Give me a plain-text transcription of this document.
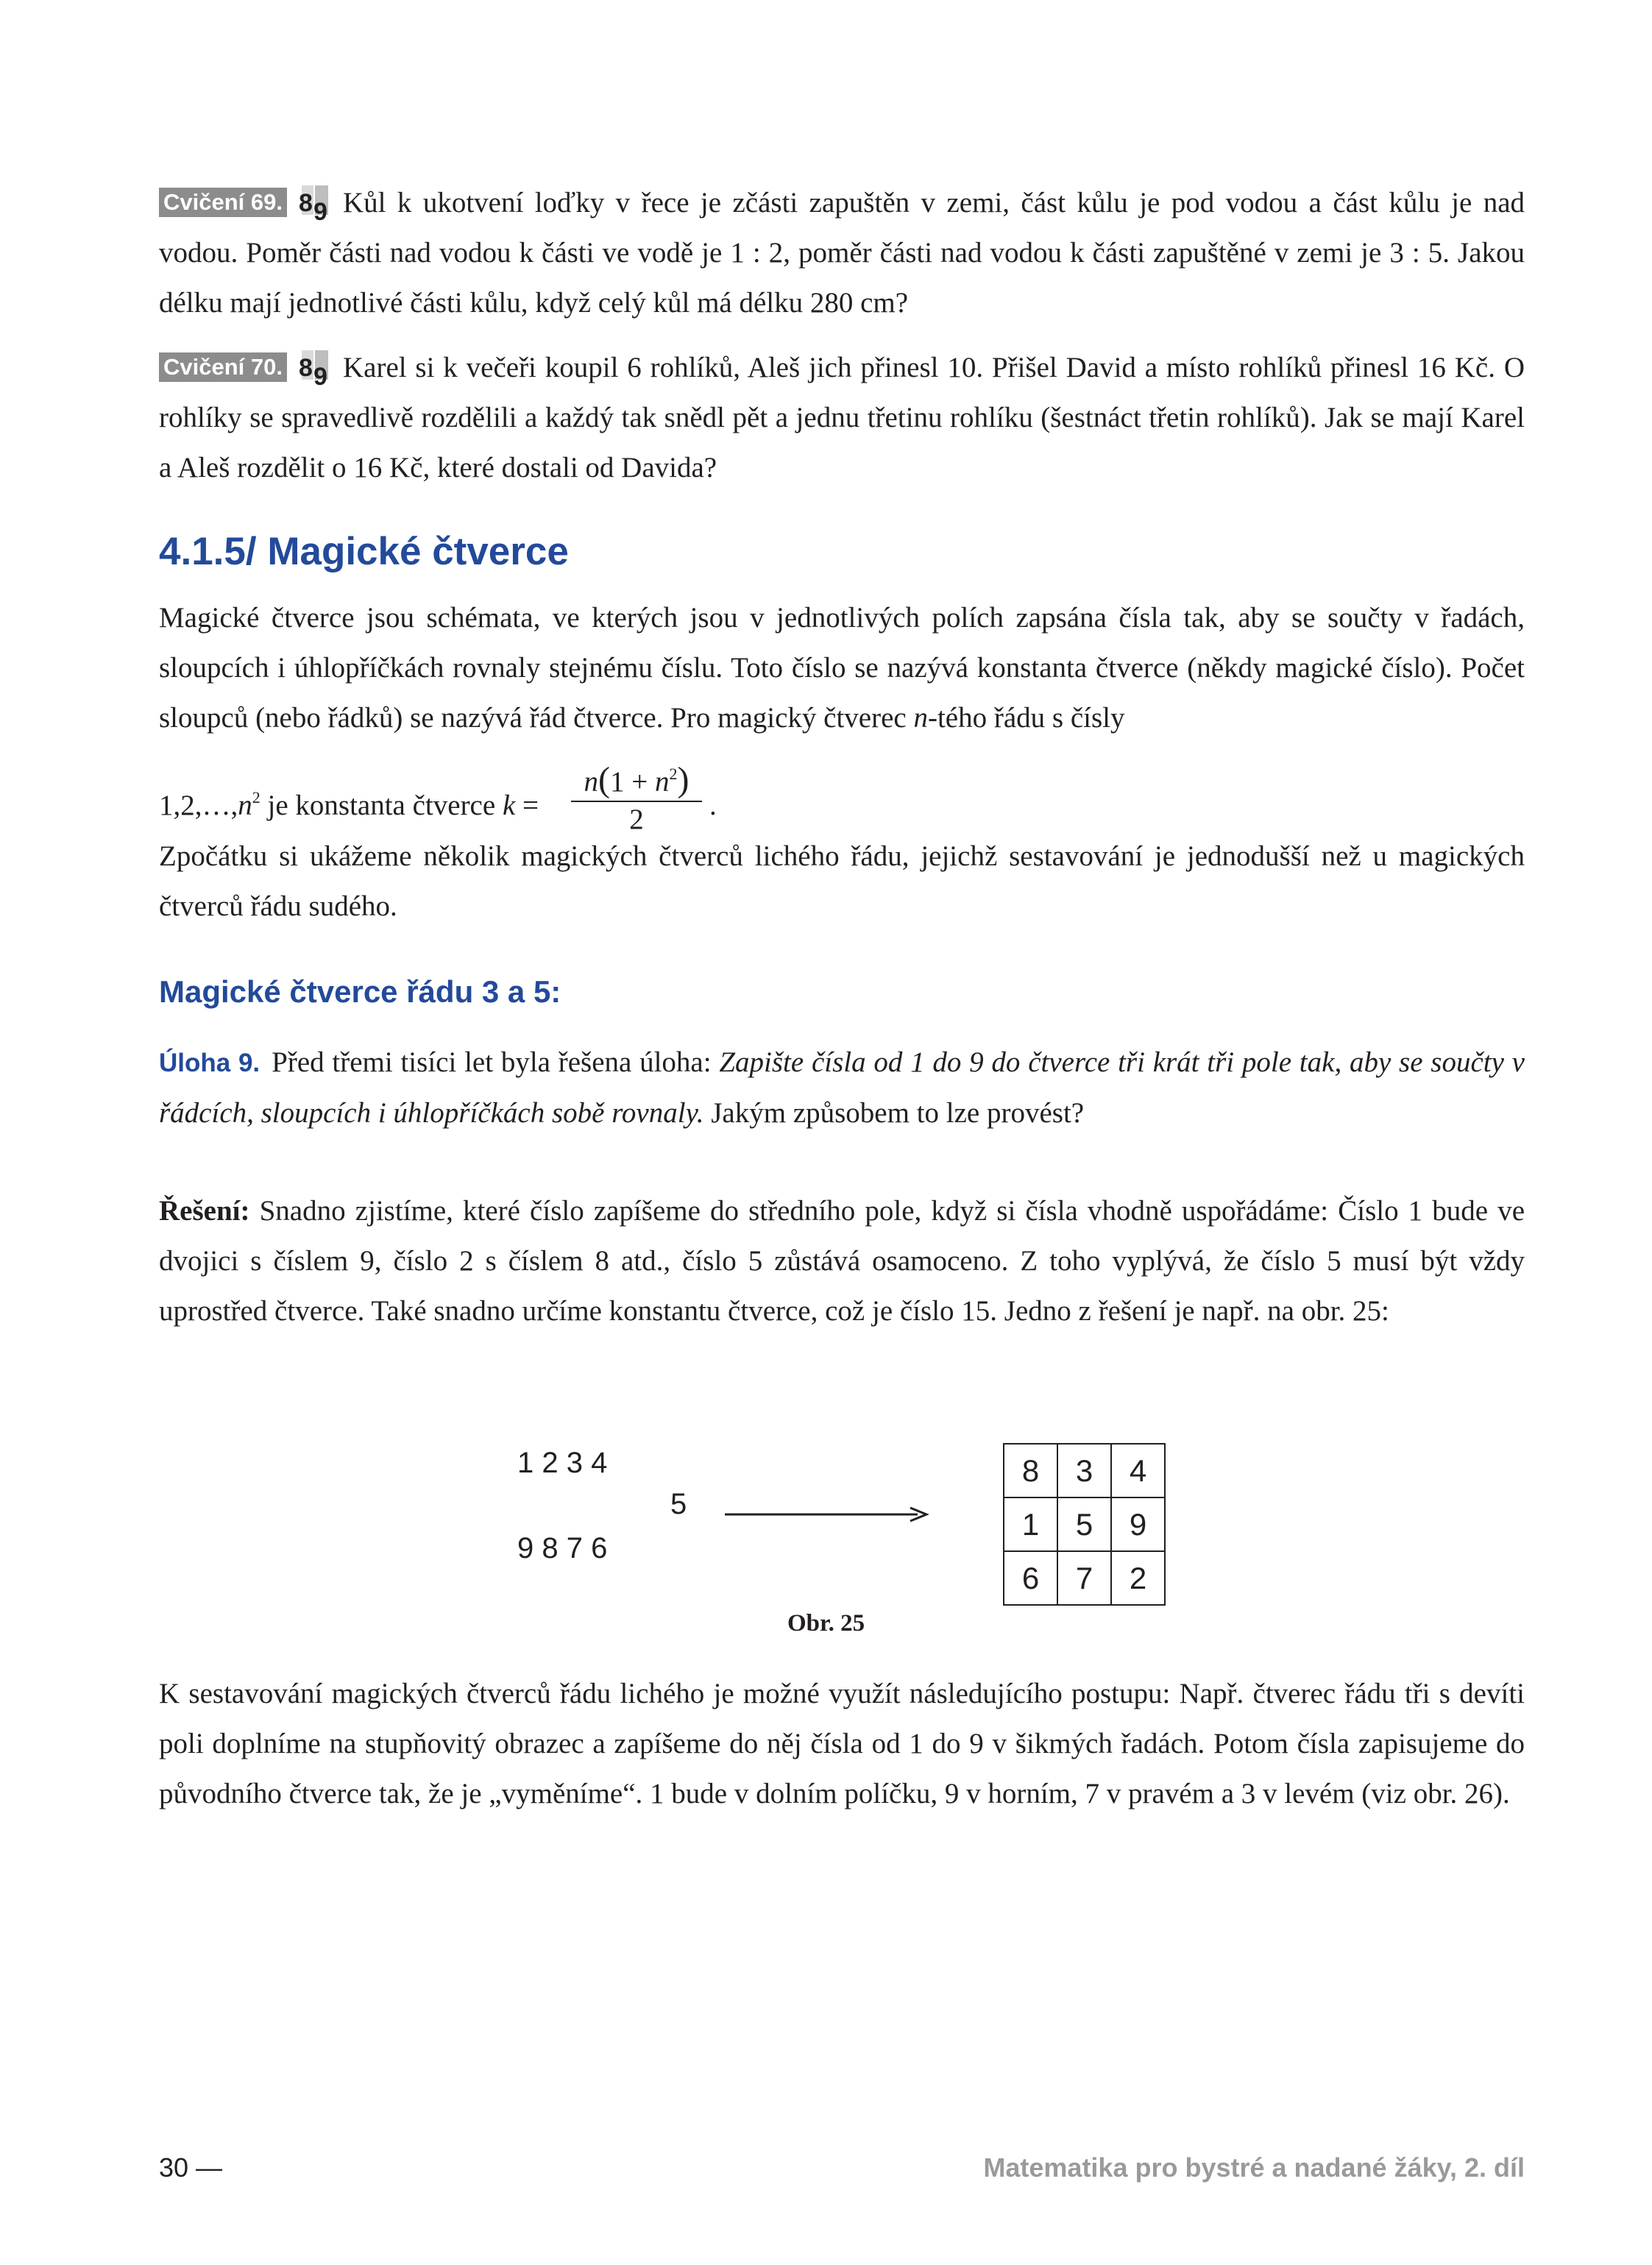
Cvičení 69. 8 9 Kůl k ukotvení loďky v řece je zčásti zapuštěn v zemi, část kůlu je pod vodou a část kůlu je nad vodou. Poměr části nad vodou k části ve vodě je 1 : 2, poměr části nad vodou k části zapuštěné v zemi je 3 : 5. Jakou délku mají jednotlivé části kůlu, když celý kůl má délku 280 cm?

Cvičení 70. 8 9 Karel si k večeři koupil 6 rohlíků, Aleš jich přinesl 10. Přišel David a místo rohlíků přinesl 16 Kč. O rohlíky se spravedlivě rozdělili a každý tak snědl pět a jednu třetinu rohlíku (šestnáct třetin rohlíků). Jak se mají Karel a Aleš rozdělit o 16 Kč, které dostali od Davida?

4.1.5/ Magické čtverce

Magické čtverce jsou schémata, ve kterých jsou v jednotlivých polích zapsána čísla tak, aby se součty v řadách, sloupcích i úhlopříčkách rovnaly stejnému číslu. Toto číslo se nazývá konstanta čtverce (někdy magické číslo). Počet sloupců (nebo řádků) se nazývá řád čtverce. Pro magický čtverec n-tého řádu s čísly

$1,2,\dots,n^2$ je konstanta čtverce k =
$n(1 + n^2)$
2	.

Zpočátku si ukážeme několik magických čtverců lichého řádu, jejichž sestavování je jednodušší než u magických čtverců řádu sudého.

Magické čtverce řádu 3 a 5:

Úloha 9. Před třemi tisíci let byla řešena úloha: Zapište čísla od 1 do 9 do čtverce tři krát tři pole tak, aby se součty v řádcích, sloupcích i úhlopříčkách sobě rovnaly. Jakým způsobem to lze provést?

Řešení: Snadno zjistíme, které číslo zapíšeme do středního pole, když si čísla vhodně uspořádáme: Číslo 1 bude ve dvojici s číslem 9, číslo 2 s číslem 8 atd., číslo 5 zůstává osamoceno. Z toho vyplývá, že číslo 5 musí být vždy uprostřed čtverce. Také snadno určíme konstantu čtverce, což je číslo 15. Jedno z řešení je např. na obr. 25:

K sestavování magických čtverců řádu lichého je možné využít následujícího postupu: Např. čtverec řádu tři s devíti poli doplníme na stupňovitý obrazec a zapíšeme do něj čísla od 1 do 9 v šikmých řadách. Potom čísla zapisujeme do původního čtverce tak, že je „vyměníme“. 1 bude v dolním políčku, 9 v horním, 7 v pravém a 3 v levém (viz obr. 26).

1 2 3 4
5
9 8 7 6
8	3	4
1	5	9
6	7	2
Obr. 25
30 —	Matematika pro bystré a nadané žáky, 2. díl
